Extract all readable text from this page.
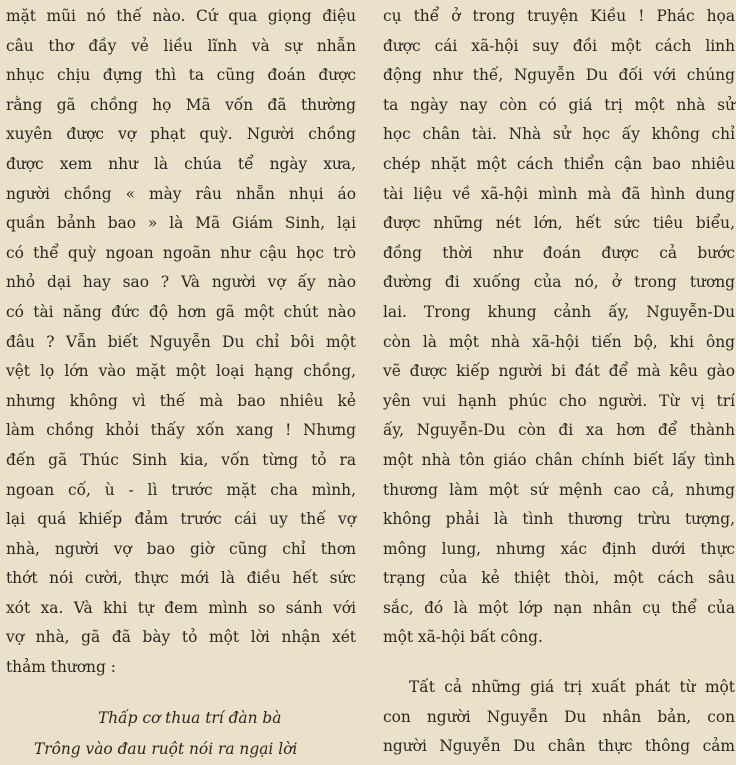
mặt mũi nó thế nào. Cứ qua giọng điệu
câu thơ đầy vẻ liều lĩnh và sự nhẫn
nhục chịu đựng thì ta cũng đoán được
rằng gã chồng họ Mã vốn đã thường
xuyên được vợ phạt quỳ. Người chồng
được xem như là chúa tể ngày xưa,
người chồng « mày râu nhẵn nhụi áo
quần bảnh bao » là Mã Giám Sinh, lại
có thể quỳ ngoan ngoãn như cậu học trò
nhỏ dại hay sao ? Và người vợ ấy nào
có tài năng đức độ hơn gã một chút nào
đâu ? Vẫn biết Nguyễn Du chỉ bôi một
vệt lọ lớn vào mặt một loại hạng chồng,
nhưng không vì thế mà bao nhiêu kẻ
làm chồng khỏi thấy xốn xang ! Nhưng
đến gã Thúc Sinh kia, vốn từng tỏ ra
ngoan cố, ù - lì trước mặt cha mình,
lại quá khiếp đảm trước cái uy thế vợ
nhà, người vợ bao giờ cũng chỉ thơn
thớt nói cười, thực mới là điều hết sức
xót xa. Và khi tự đem mình so sánh với
vợ nhà, gã đã bày tỏ một lời nhận xét
thảm thương :
Thấp cơ thua trí đàn bà
Trông vào đau ruột nói ra ngại lời
cụ thể ở trong truyện Kiều ! Phác họa
được cái xã-hội suy đồi một cách linh
động như thế, Nguyễn Du đối với chúng
ta ngày nay còn có giá trị một nhà sử
học chân tài. Nhà sử học ấy không chỉ
chép nhặt một cách thiển cận bao nhiêu
tài liệu về xã-hội mình mà đã hình dung
được những nét lớn, hết sức tiêu biểu,
đồng thời như đoán được cả bước
đường đi xuống của nó, ở trong tương
lai. Trong khung cảnh ấy, Nguyễn-Du
còn là một nhà xã-hội tiến bộ, khi ông
vẽ được kiếp người bi đát để mà kêu gào
yên vui hạnh phúc cho người. Từ vị trí
ấy, Nguyễn-Du còn đi xa hơn để thành
một nhà tôn giáo chân chính biết lấy tình
thương làm một sứ mệnh cao cả, nhưng
không phải là tình thương trừu tượng,
mông lung, nhưng xác định dưới thực
trạng của kẻ thiệt thòi, một cách sâu
sắc, đó là một lớp nạn nhân cụ thể của
một xã-hội bất công.
Tất cả những giá trị xuất phát từ một
con người Nguyễn Du nhân bản, con
người Nguyễn Du chân thực thông cảm
